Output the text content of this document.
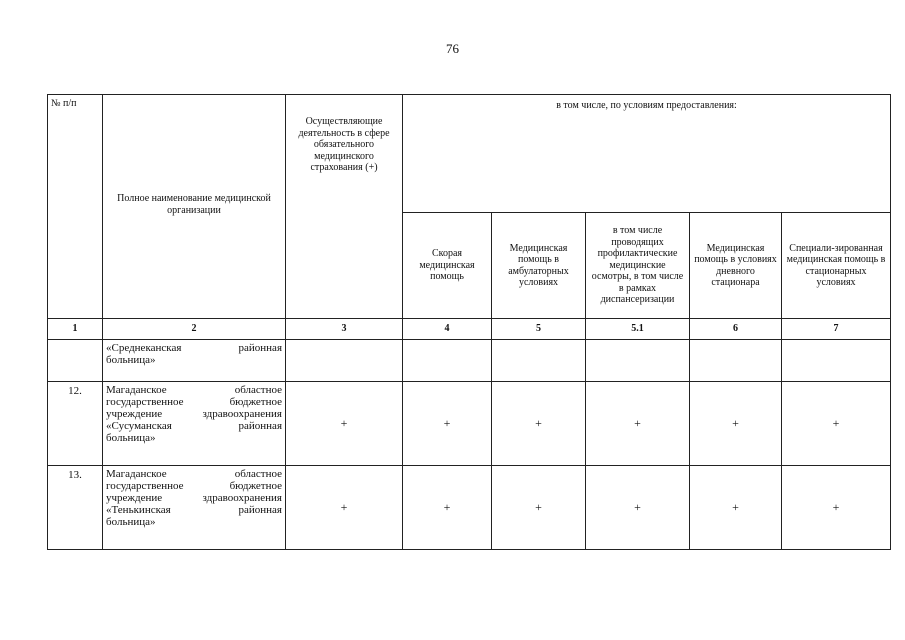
76
№ п/п	Полное наименование медицинской организации	Осуществляющие деятельность в сфере обязательного медицинского страхования (+)	в том числе, по условиям предоставления:				
			Скорая медицинская помощь	Медицинская помощь в амбулаторных условиях	в том числе проводящих профилактические медицинские осмотры, в том числе в рамках диспансеризации	Медицинская помощь в условиях дневного стационара	Специали-зированная медицинская помощь в стационарных условиях
1	2	3	4	5	5.1	6	7
	«Среднеканская районная
больница»						

12.	Магаданское областное государственное бюджетное учреждение здравоохранения «Сусуманская районная
больница»	+	+	+	+	+	+
13.	Магаданское областное государственное бюджетное учреждение здравоохранения «Тенькинская районная
больница»	+	+	+	+	+	+
